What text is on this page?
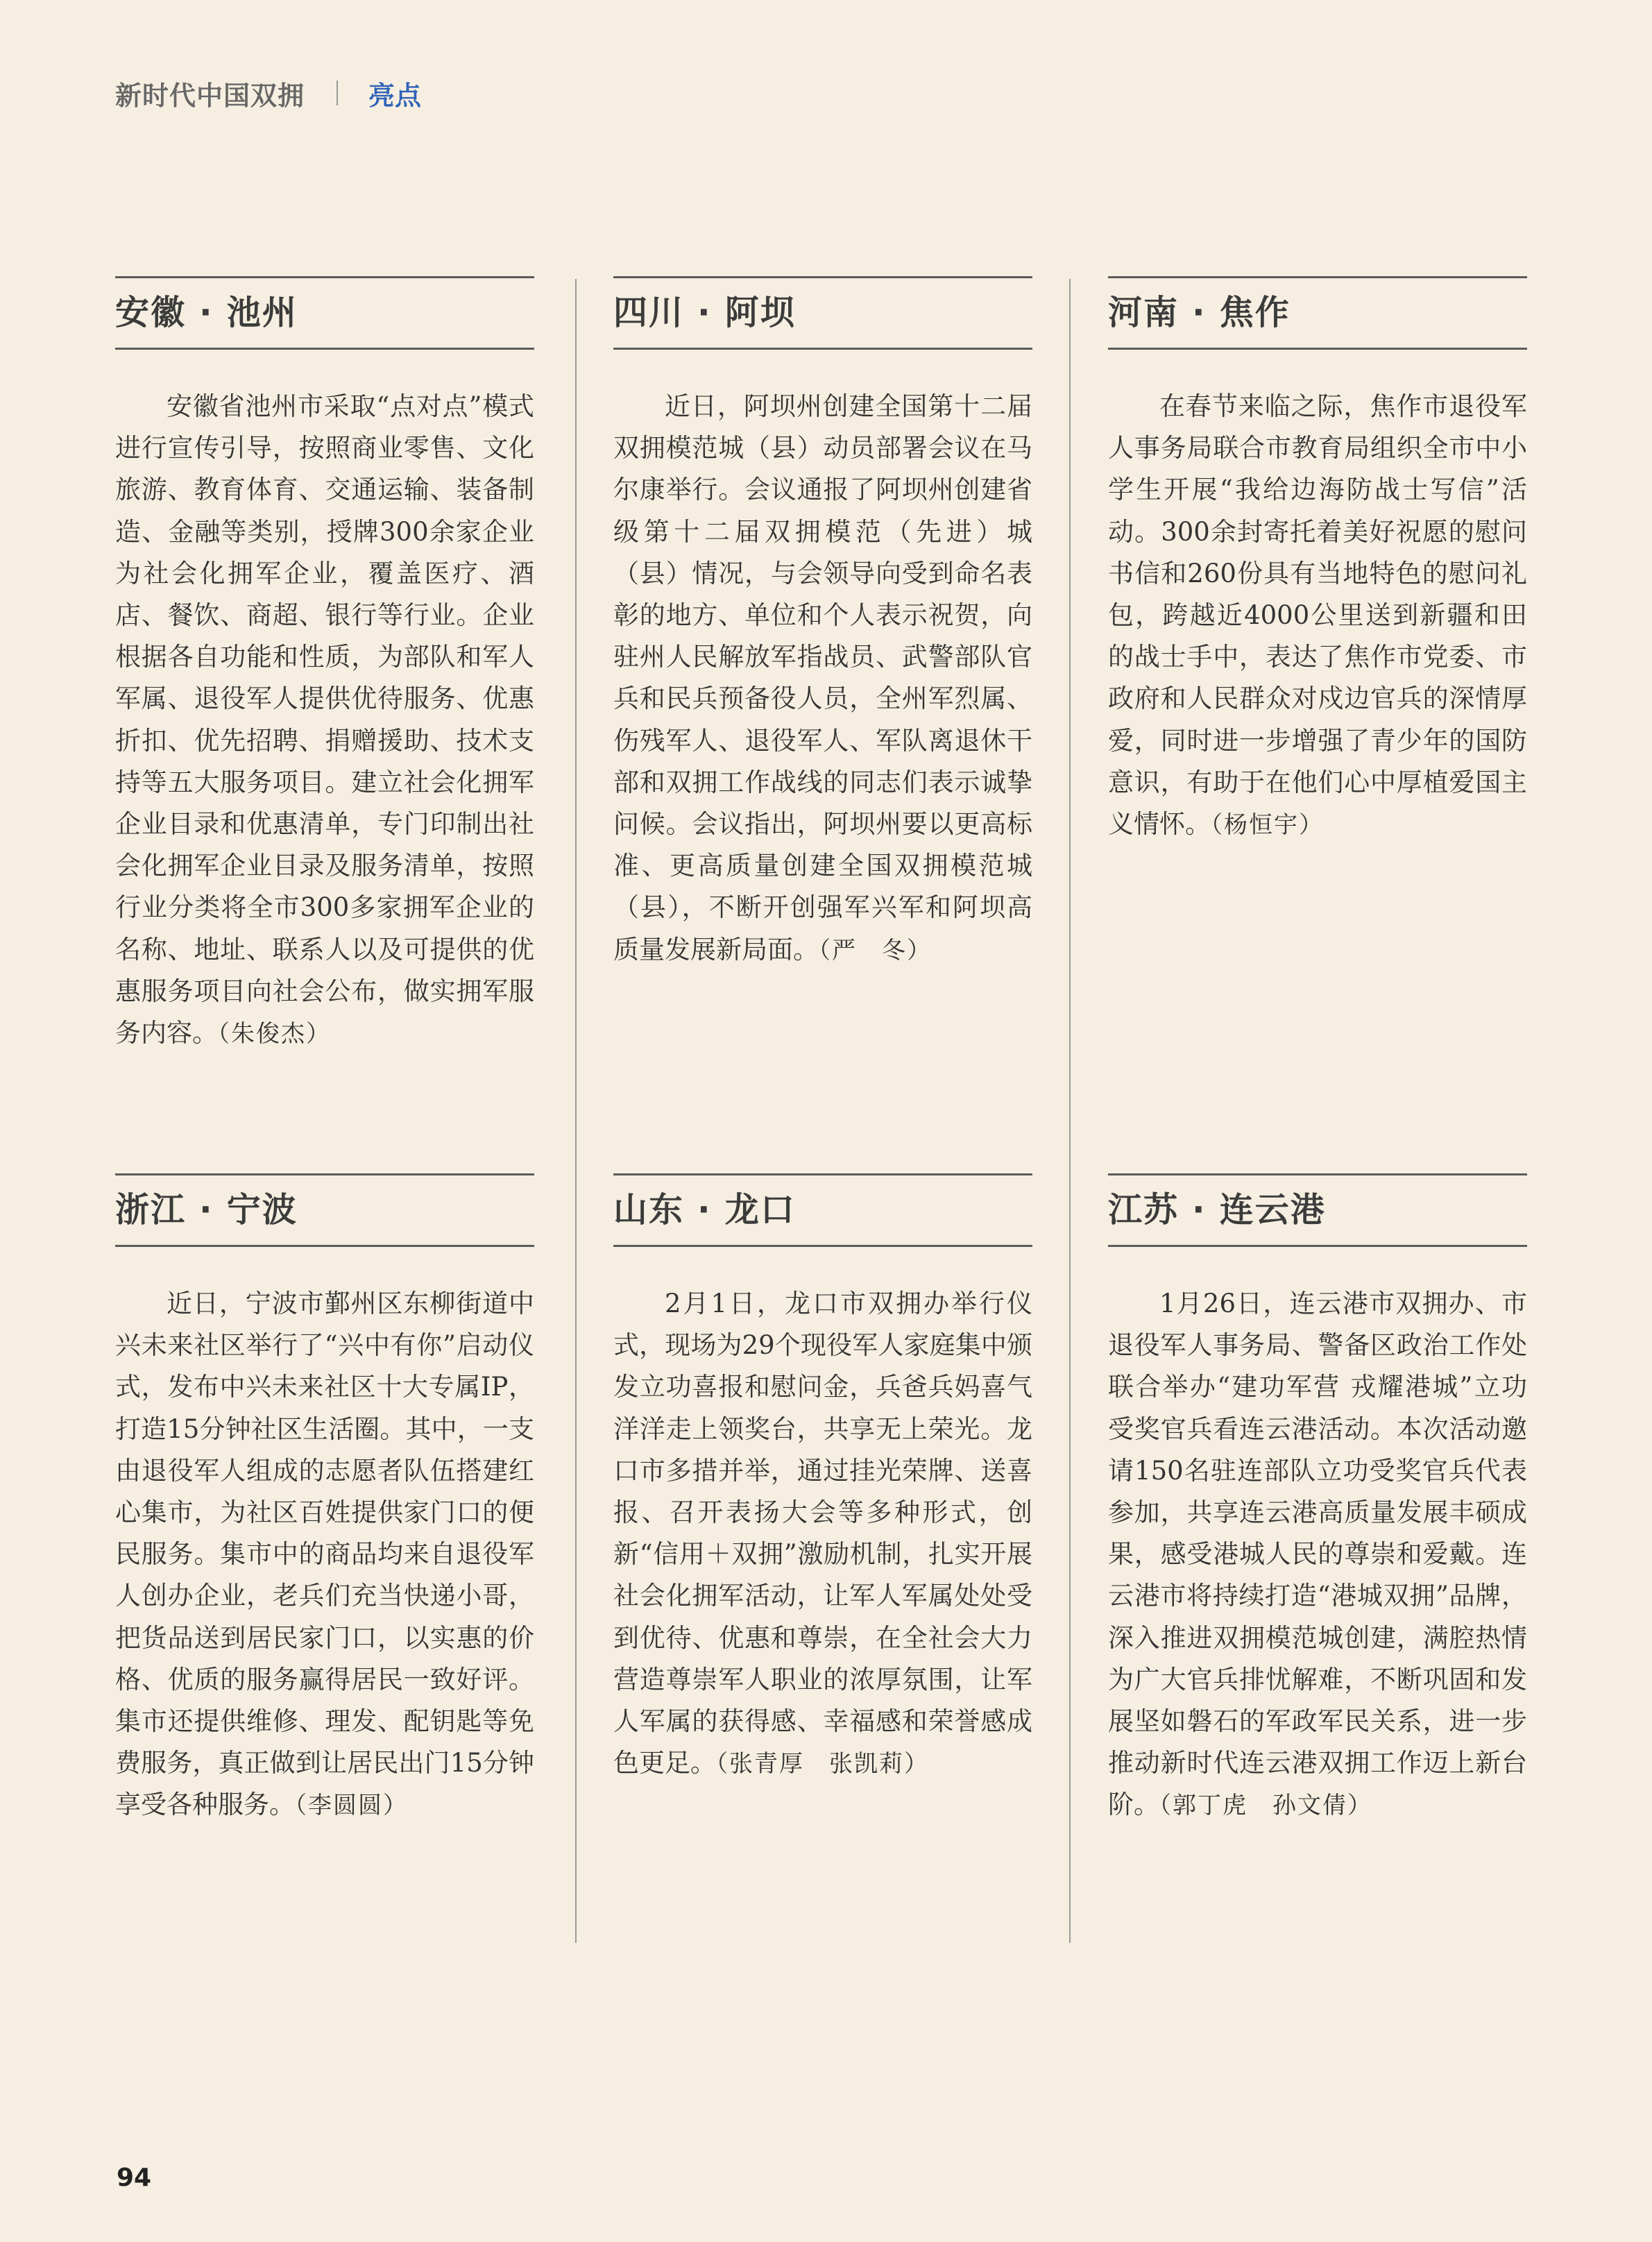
新时代中国双拥 亮点
安徽 · 池州
安徽省池州市采取“点对点”模式进行宣传引导，按照商业零售、文化旅游、教育体育、交通运输、装备制造、金融等类别，授牌300余家企业为社会化拥军企业，覆盖医疗、酒店、餐饮、商超、银行等行业。企业根据各自功能和性质，为部队和军人军属、退役军人提供优待服务、优惠折扣、优先招聘、捐赠援助、技术支持等五大服务项目。建立社会化拥军企业目录和优惠清单，专门印制出社会化拥军企业目录及服务清单，按照行业分类将全市300多家拥军企业的名称、地址、联系人以及可提供的优惠服务项目向社会公布，做实拥军服务内容。（朱俊杰）
四川 · 阿坝
近日，阿坝州创建全国第十二届双拥模范城（县）动员部署会议在马尔康举行。会议通报了阿坝州创建省级第十二届双拥模范（先进）城（县）情况，与会领导向受到命名表彰的地方、单位和个人表示祝贺，向驻州人民解放军指战员、武警部队官兵和民兵预备役人员，全州军烈属、伤残军人、退役军人、军队离退休干部和双拥工作战线的同志们表示诚挚问候。会议指出，阿坝州要以更高标准、更高质量创建全国双拥模范城（县），不断开创强军兴军和阿坝高质量发展新局面。（严　冬）
河南 · 焦作
在春节来临之际，焦作市退役军人事务局联合市教育局组织全市中小学生开展“我给边海防战士写信”活动。300余封寄托着美好祝愿的慰问书信和260份具有当地特色的慰问礼包，跨越近4000公里送到新疆和田的战士手中，表达了焦作市党委、市政府和人民群众对戍边官兵的深情厚爱，同时进一步增强了青少年的国防意识，有助于在他们心中厚植爱国主义情怀。（杨恒宇）
浙江 · 宁波
近日，宁波市鄞州区东柳街道中兴未来社区举行了“兴中有你”启动仪式，发布中兴未来社区十大专属IP，打造15分钟社区生活圈。其中，一支由退役军人组成的志愿者队伍搭建红心集市，为社区百姓提供家门口的便民服务。集市中的商品均来自退役军人创办企业，老兵们充当快递小哥，把货品送到居民家门口，以实惠的价格、优质的服务赢得居民一致好评。集市还提供维修、理发、配钥匙等免费服务，真正做到让居民出门15分钟享受各种服务。（李圆圆）
山东 · 龙口
2月1日，龙口市双拥办举行仪式，现场为29个现役军人家庭集中颁发立功喜报和慰问金，兵爸兵妈喜气洋洋走上领奖台，共享无上荣光。龙口市多措并举，通过挂光荣牌、送喜报、召开表扬大会等多种形式，创新“信用＋双拥”激励机制，扎实开展社会化拥军活动，让军人军属处处受到优待、优惠和尊崇，在全社会大力营造尊崇军人职业的浓厚氛围，让军人军属的获得感、幸福感和荣誉感成色更足。（张青厚　张凯莉）
江苏 · 连云港
1月26日，连云港市双拥办、市退役军人事务局、警备区政治工作处联合举办“建功军营 戎耀港城”立功受奖官兵看连云港活动。本次活动邀请150名驻连部队立功受奖官兵代表参加，共享连云港高质量发展丰硕成果，感受港城人民的尊崇和爱戴。连云港市将持续打造“港城双拥”品牌，深入推进双拥模范城创建，满腔热情为广大官兵排忧解难，不断巩固和发展坚如磐石的军政军民关系，进一步推动新时代连云港双拥工作迈上新台阶。（郭丁虎　孙文倩）
94
